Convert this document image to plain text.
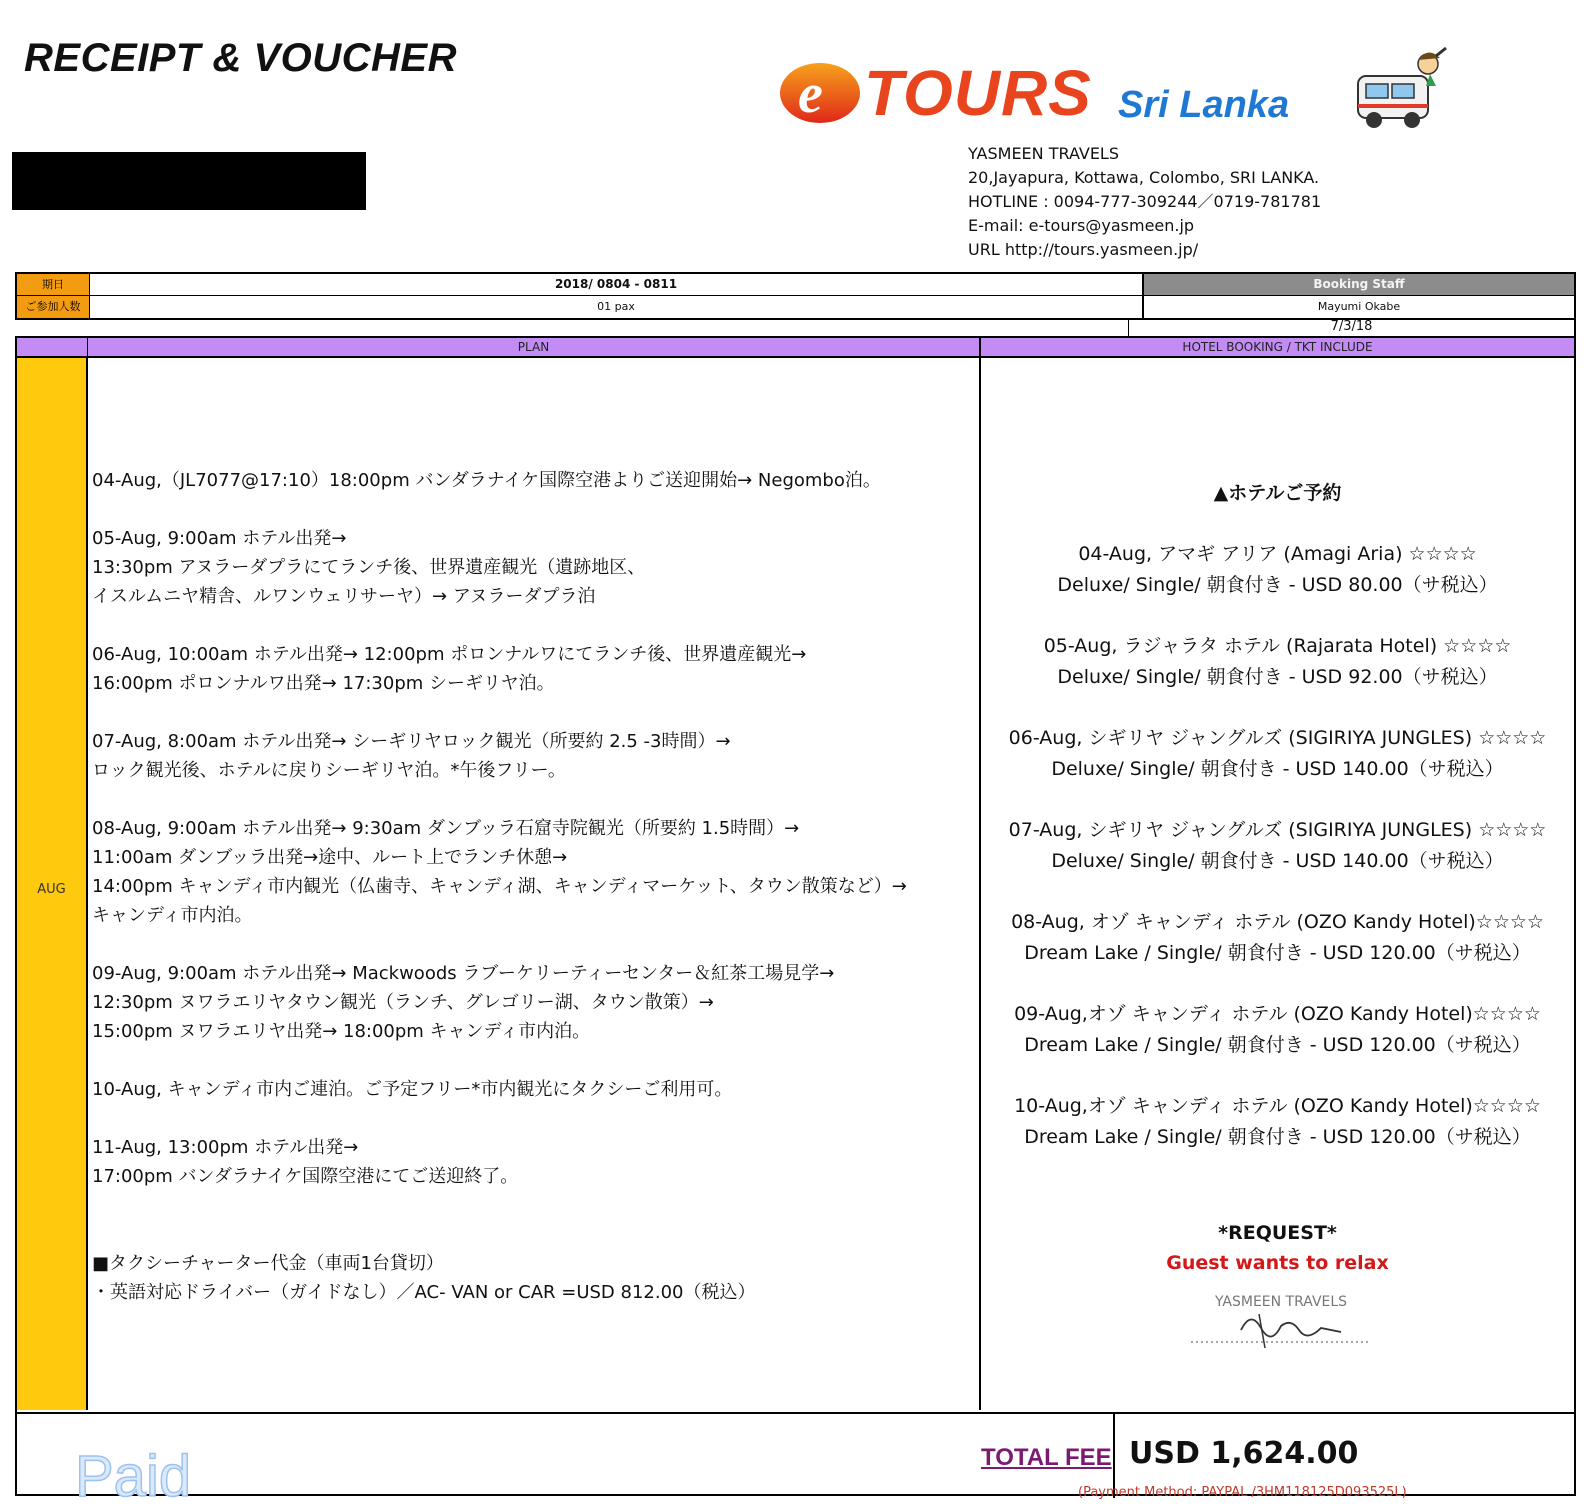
RECEIPT & VOUCHER
e TOURS Sri Lanka
YASMEEN TRAVELS
20,Jayapura, Kottawa, Colombo, SRI LANKA.
HOTLINE : 0094-777-309244／0719-781781
E-mail: e-tours@yasmeen.jp
URL http://tours.yasmeen.jp/
期日	2018/ 0804 - 0811	Booking Staff
ご参加人数	01 pax	Mayumi Okabe
7/3/18
PLAN	HOTEL BOOKING / TKT INCLUDE
AUG
04-Aug,（JL7077@17:10）18:00pm バンダラナイケ国際空港よりご送迎開始→ Negombo泊。
05-Aug, 9:00am ホテル出発→
13:30pm アヌラーダプラにてランチ後、世界遺産観光（遺跡地区、
イスルムニヤ精舎、ルワンウェリサーヤ）→ アヌラーダプラ泊
06-Aug, 10:00am ホテル出発→ 12:00pm ポロンナルワにてランチ後、世界遺産観光→
16:00pm ポロンナルワ出発→ 17:30pm シーギリヤ泊。
07-Aug, 8:00am ホテル出発→ シーギリヤロック観光（所要約 2.5 -3時間）→
ロック観光後、ホテルに戻りシーギリヤ泊。*午後フリー。
08-Aug, 9:00am ホテル出発→ 9:30am ダンブッラ石窟寺院観光（所要約 1.5時間）→
11:00am ダンブッラ出発→途中、ルート上でランチ休憩→
14:00pm キャンディ市内観光（仏歯寺、キャンディ湖、キャンディマーケット、タウン散策など）→
キャンディ市内泊。
09-Aug, 9:00am ホテル出発→ Mackwoods ラブーケリーティーセンター＆紅茶工場見学→
12:30pm ヌワラエリヤタウン観光（ランチ、グレゴリー湖、タウン散策）→
15:00pm ヌワラエリヤ出発→ 18:00pm キャンディ市内泊。
10-Aug, キャンディ市内ご連泊。ご予定フリー*市内観光にタクシーご利用可。
11-Aug, 13:00pm ホテル出発→
17:00pm バンダラナイケ国際空港にてご送迎終了。
■タクシーチャーター代金（車両1台貸切）
・英語対応ドライバー（ガイドなし）／AC- VAN or CAR =USD 812.00（税込）
▲ホテルご予約
04-Aug, アマギ アリア (Amagi Aria) ☆☆☆☆
Deluxe/ Single/ 朝食付き - USD 80.00（サ税込）
05-Aug, ラジャラタ ホテル (Rajarata Hotel) ☆☆☆☆
Deluxe/ Single/ 朝食付き - USD 92.00（サ税込）
06-Aug, シギリヤ ジャングルズ (SIGIRIYA JUNGLES) ☆☆☆☆
Deluxe/ Single/ 朝食付き - USD 140.00（サ税込）
07-Aug, シギリヤ ジャングルズ (SIGIRIYA JUNGLES) ☆☆☆☆
Deluxe/ Single/ 朝食付き - USD 140.00（サ税込）
08-Aug, オゾ キャンディ ホテル (OZO Kandy Hotel)☆☆☆☆
Dream Lake / Single/ 朝食付き - USD 120.00（サ税込）
09-Aug,オゾ キャンディ ホテル (OZO Kandy Hotel)☆☆☆☆
Dream Lake / Single/ 朝食付き - USD 120.00（サ税込）
10-Aug,オゾ キャンディ ホテル (OZO Kandy Hotel)☆☆☆☆
Dream Lake / Single/ 朝食付き - USD 120.00（サ税込）
*REQUEST*
Guest wants to relax
YASMEEN TRAVELS
Paid	TOTAL FEE USD 1,624.00
(Payment Method: PAYPAL /3HM118125D093525L)
